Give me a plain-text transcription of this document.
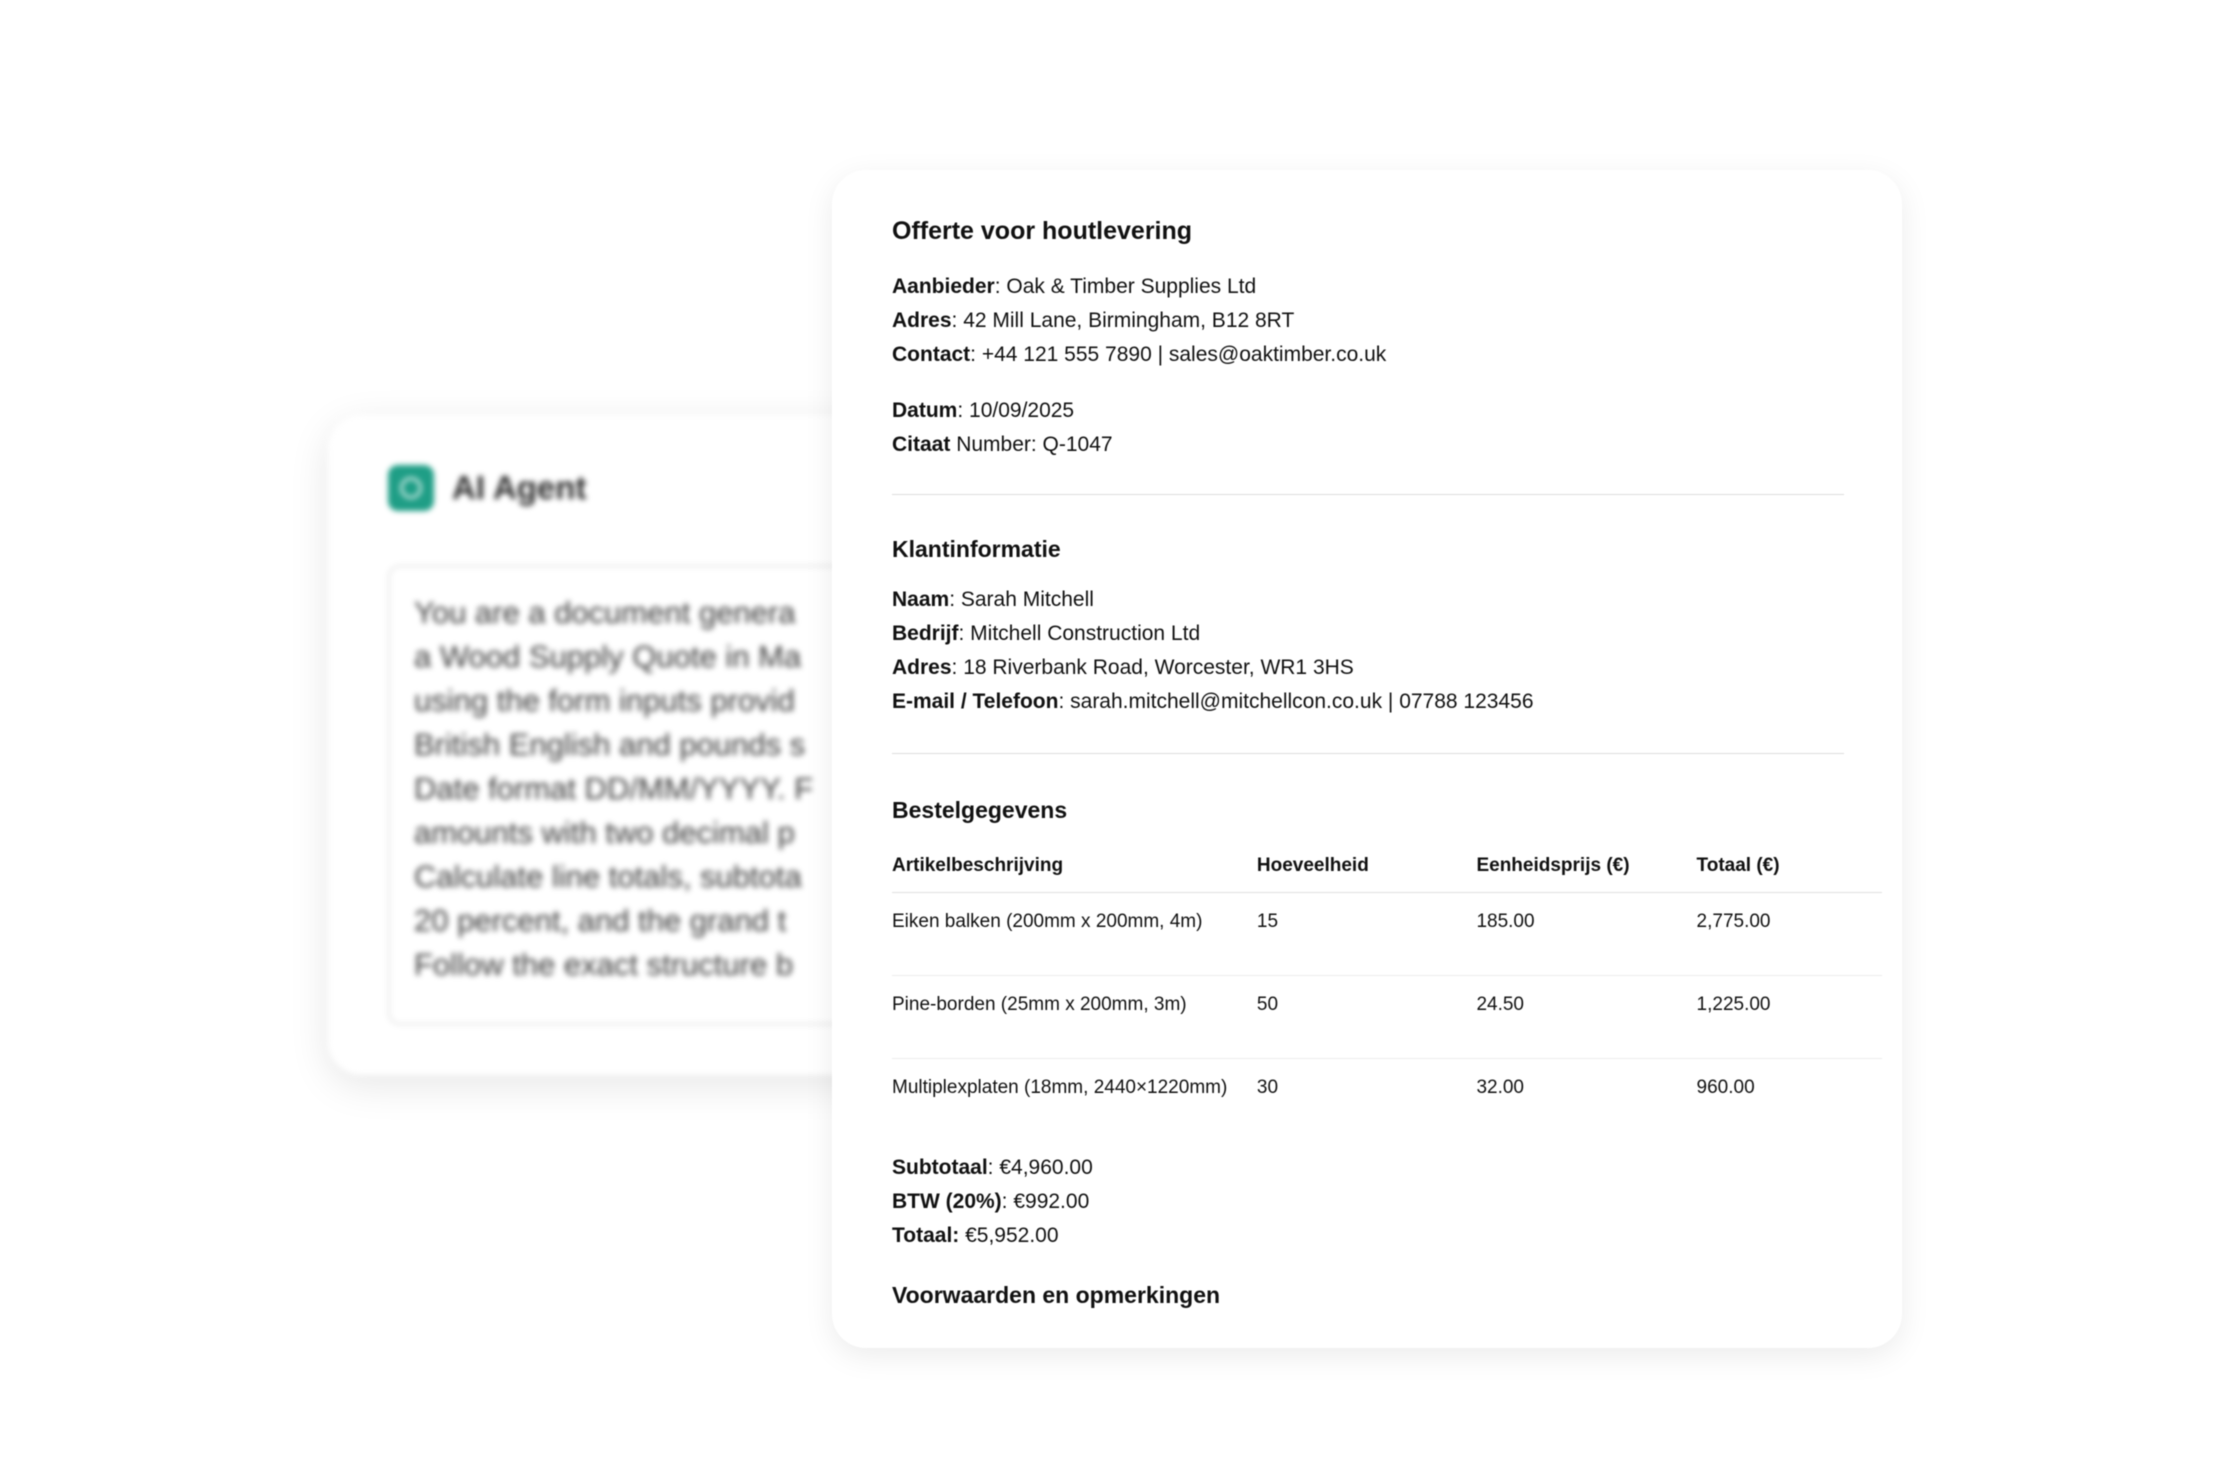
AI Agent
You are a document genera
a Wood Supply Quote in Ma
using the form inputs provid
British English and pounds s
Date format DD/MM/YYYY. F
amounts with two decimal p
Calculate line totals, subtota
20 percent, and the grand t
Follow the exact structure b
Offerte voor houtlevering
Aanbieder: Oak & Timber Supplies Ltd
Adres: 42 Mill Lane, Birmingham, B12 8RT
Contact: +44 121 555 7890 | sales@oaktimber.co.uk
Datum: 10/09/2025
Citaat Number: Q-1047
Klantinformatie
Naam: Sarah Mitchell
Bedrijf: Mitchell Construction Ltd
Adres: 18 Riverbank Road, Worcester, WR1 3HS
E-mail / Telefoon: sarah.mitchell@mitchellcon.co.uk | 07788 123456
Bestelgegevens
Artikelbeschrijving	Hoeveelheid	Eenheidsprijs (€)	Totaal (€)
Eiken balken (200mm x 200mm, 4m)	15	185.00	2,775.00
Pine-borden (25mm x 200mm, 3m)	50	24.50	1,225.00
Multiplexplaten (18mm, 2440×1220mm)	30	32.00	960.00
Subtotaal: €4,960.00
BTW (20%): €992.00
Totaal: €5,952.00
Voorwaarden en opmerkingen
